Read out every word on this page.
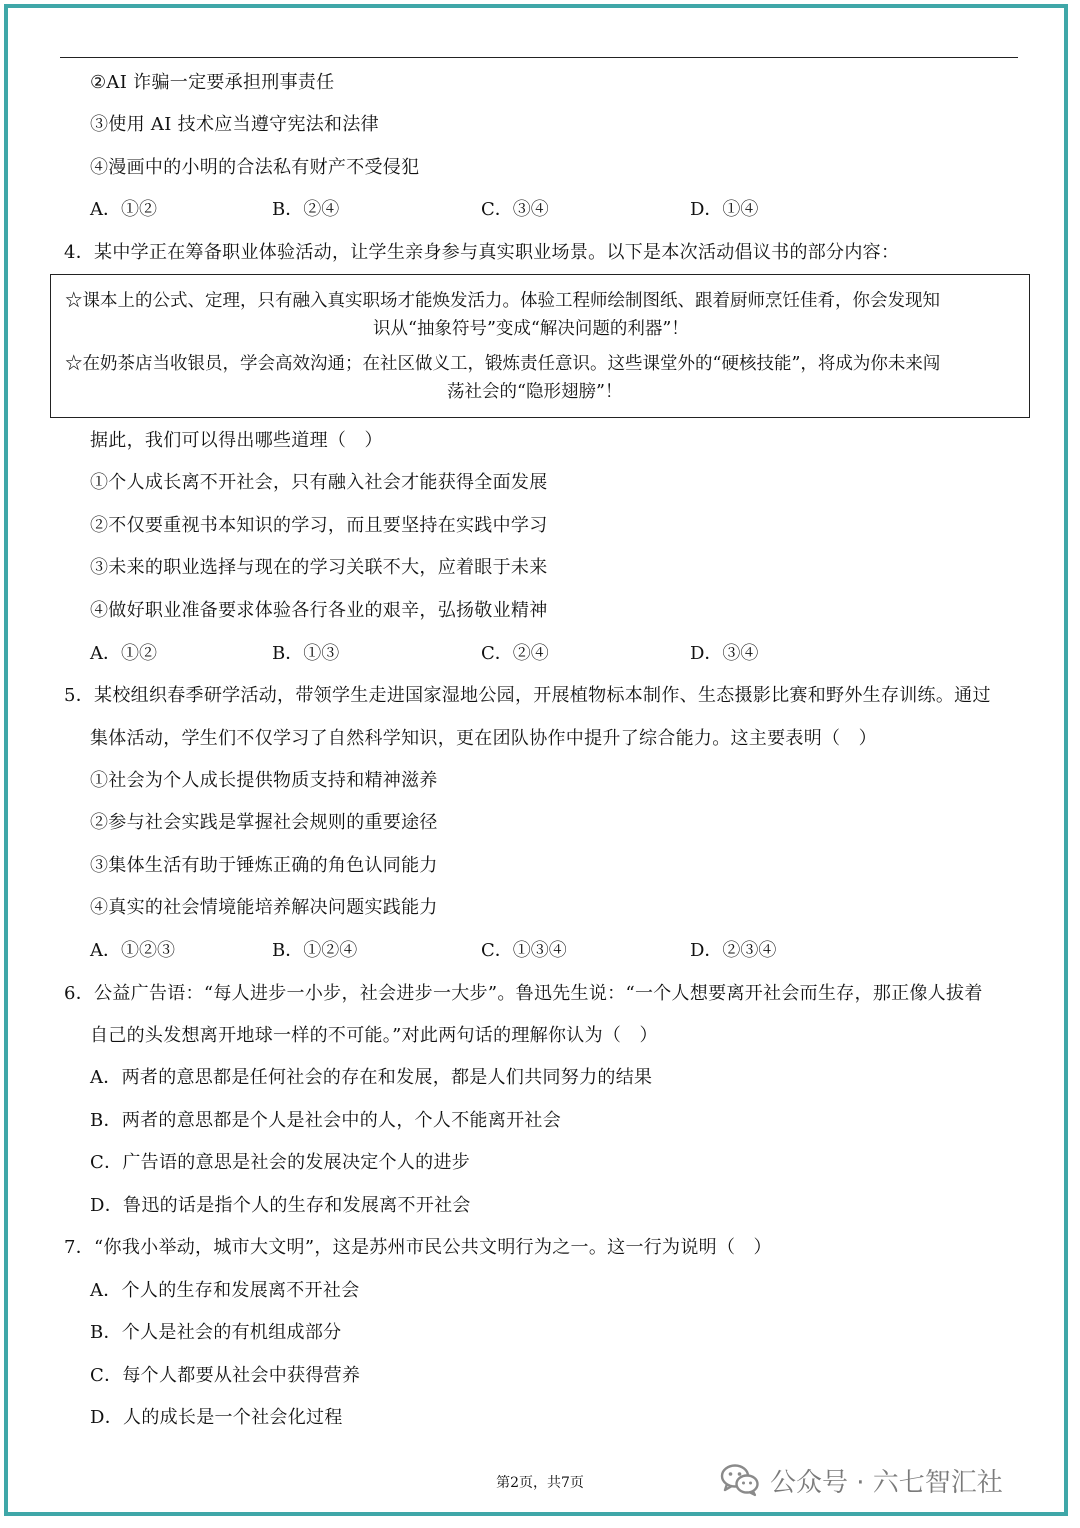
②AI 诈骗一定要承担刑事责任
③使用 AI 技术应当遵守宪法和法律
④漫画中的小明的合法私有财产不受侵犯
A．①②	B．②④	C．③④	D．①④
4．某中学正在筹备职业体验活动，让学生亲身参与真实职业场景。以下是本次活动倡议书的部分内容：
☆课本上的公式、定理，只有融入真实职场才能焕发活力。体验工程师绘制图纸、跟着厨师烹饪佳肴，你会发现知
识从“抽象符号”变成“解决问题的利器”！
☆在奶茶店当收银员，学会高效沟通；在社区做义工，锻炼责任意识。这些课堂外的“硬核技能”，将成为你未来闯
荡社会的“隐形翅膀”！
据此，我们可以得出哪些道理（　）
①个人成长离不开社会，只有融入社会才能获得全面发展
②不仅要重视书本知识的学习，而且要坚持在实践中学习
③未来的职业选择与现在的学习关联不大，应着眼于未来
④做好职业准备要求体验各行各业的艰辛，弘扬敬业精神
A．①②	B．①③	C．②④	D．③④
5．某校组织春季研学活动，带领学生走进国家湿地公园，开展植物标本制作、生态摄影比赛和野外生存训练。通过
集体活动，学生们不仅学习了自然科学知识，更在团队协作中提升了综合能力。这主要表明（　）
①社会为个人成长提供物质支持和精神滋养
②参与社会实践是掌握社会规则的重要途径
③集体生活有助于锤炼正确的角色认同能力
④真实的社会情境能培养解决问题实践能力
A．①②③	B．①②④	C．①③④	D．②③④
6．公益广告语：“每人进步一小步，社会进步一大步”。鲁迅先生说：“一个人想要离开社会而生存，那正像人拔着
自己的头发想离开地球一样的不可能。”对此两句话的理解你认为（　）
A．两者的意思都是任何社会的存在和发展，都是人们共同努力的结果
B．两者的意思都是个人是社会中的人，个人不能离开社会
C．广告语的意思是社会的发展决定个人的进步
D．鲁迅的话是指个人的生存和发展离不开社会
7．“你我小举动，城市大文明”，这是苏州市民公共文明行为之一。这一行为说明（　）
A．个人的生存和发展离不开社会
B．个人是社会的有机组成部分
C．每个人都要从社会中获得营养
D．人的成长是一个社会化过程
第2页，共7页	公众号 · 六七智汇社
